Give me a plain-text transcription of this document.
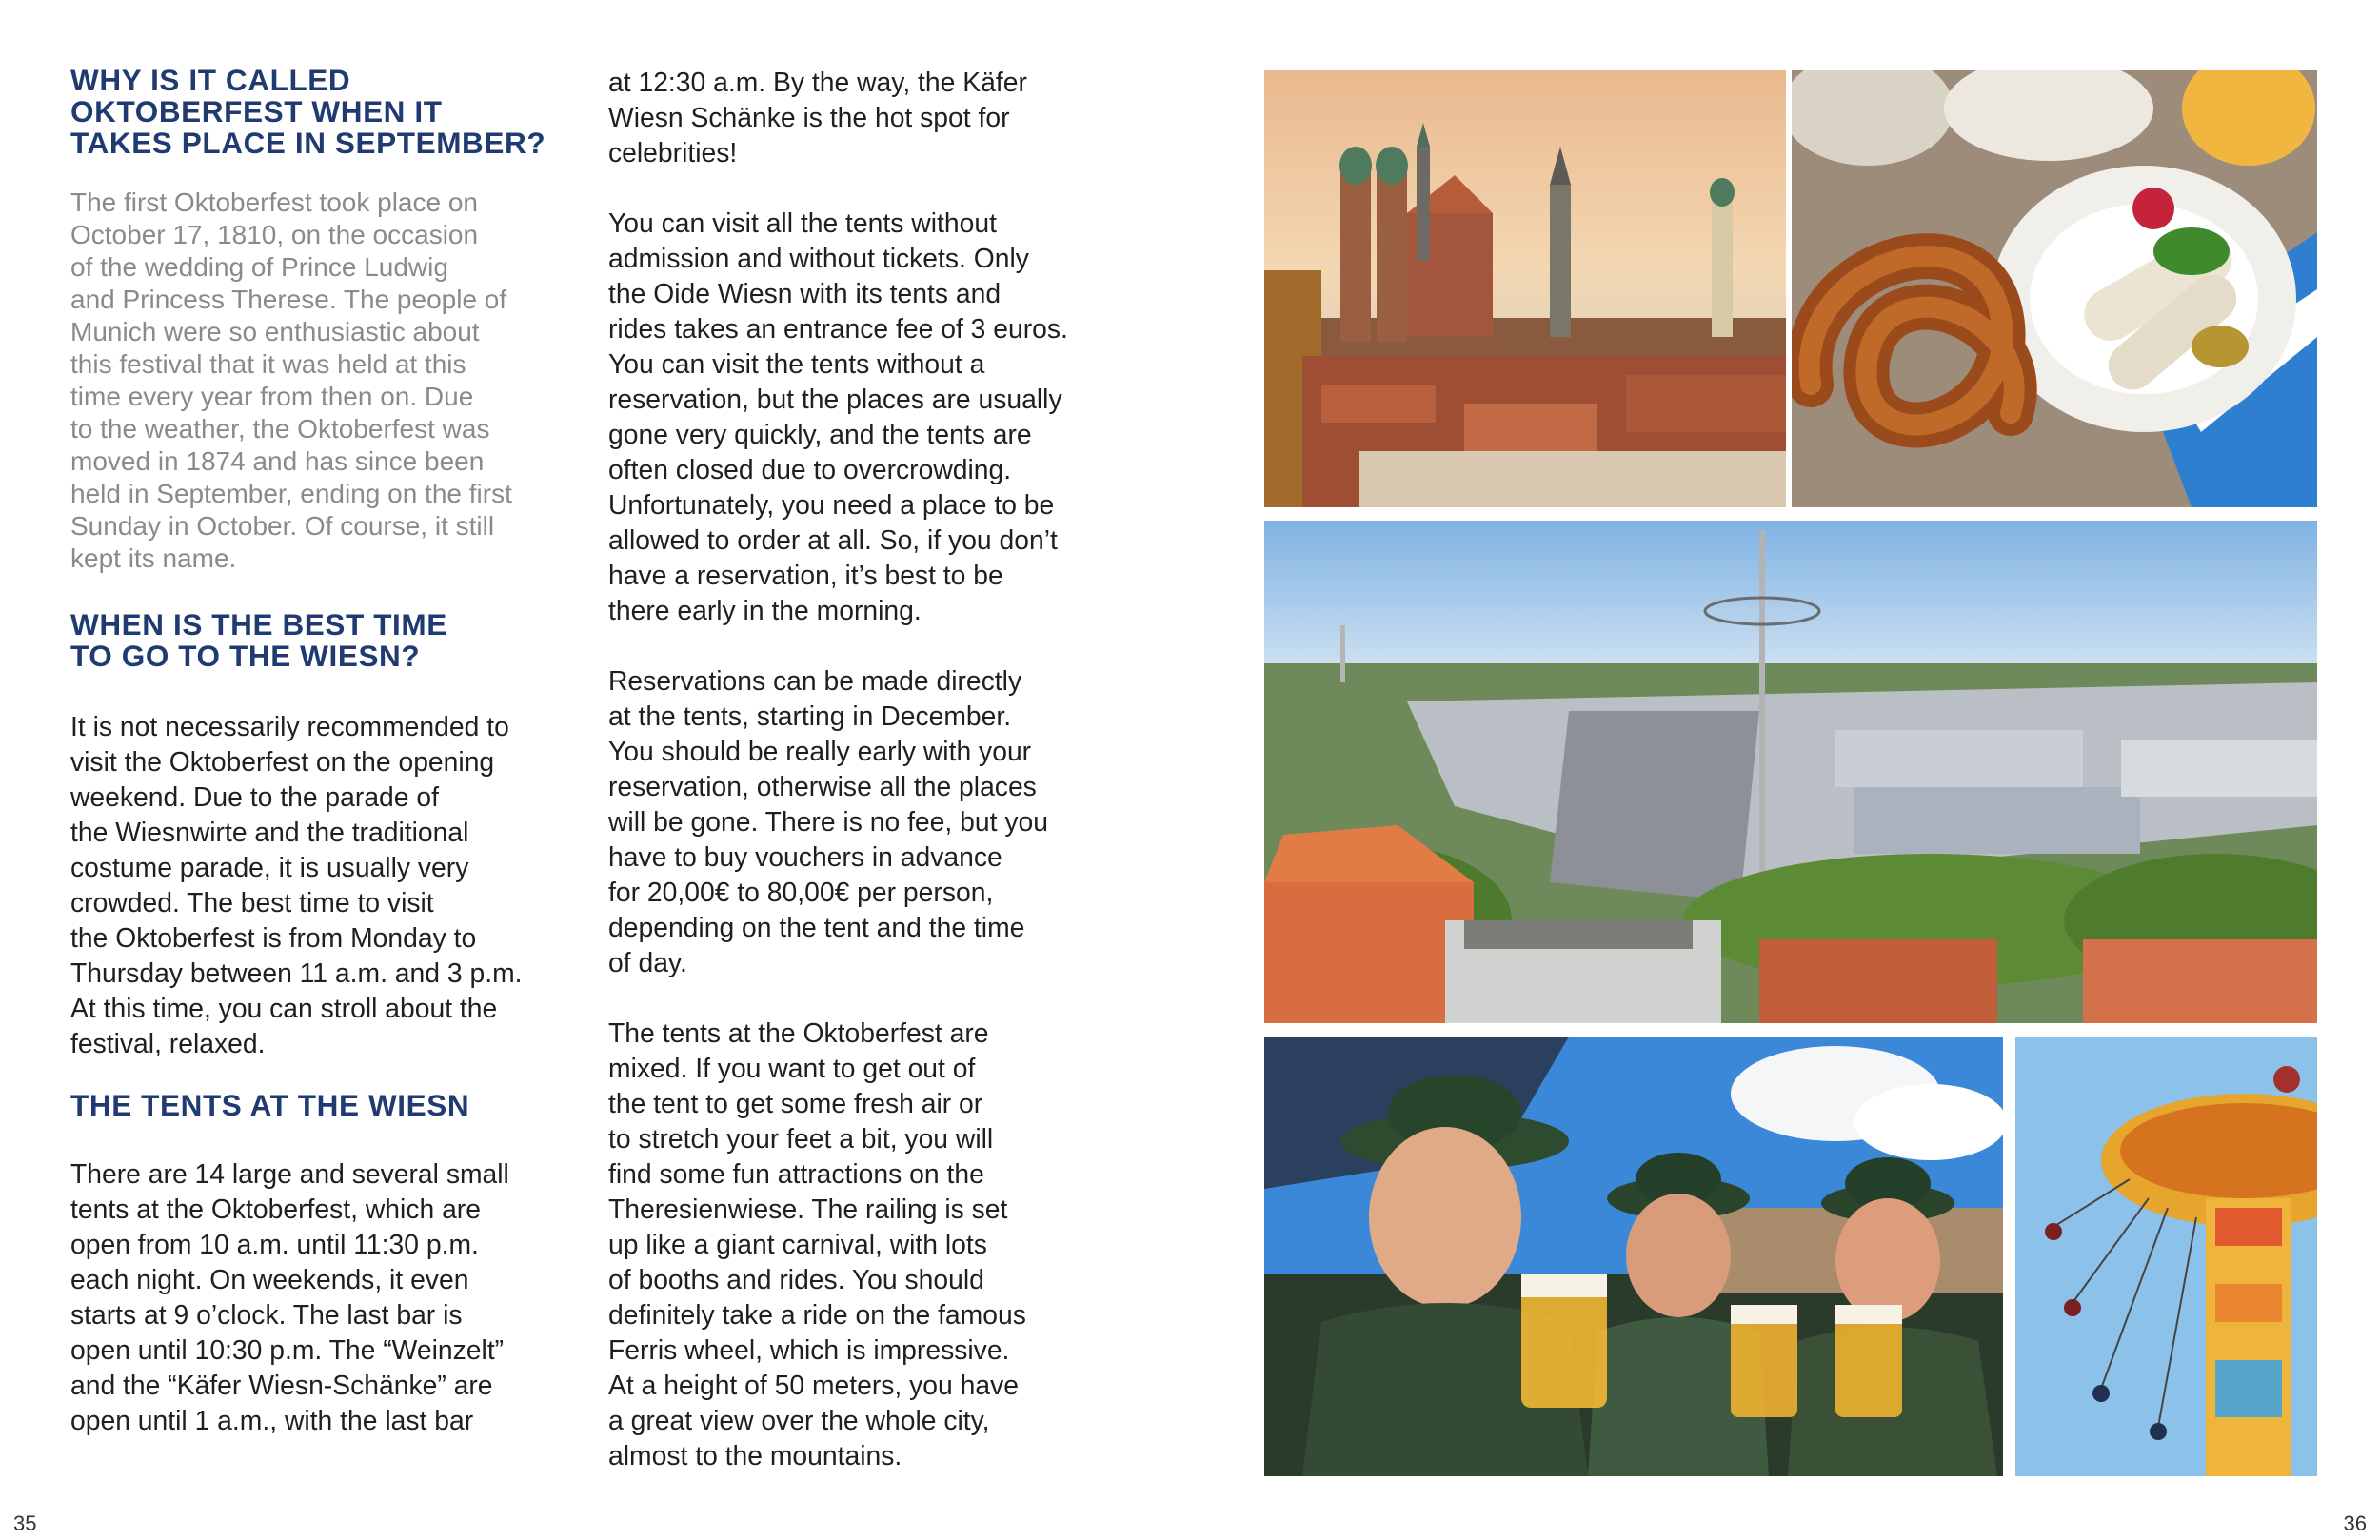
WHY IS IT CALLED
OKTOBERFEST WHEN IT
TAKES PLACE IN SEPTEMBER?
The first Oktoberfest took place on
October 17, 1810, on the occasion
of the wedding of Prince Ludwig
and Princess Therese. The people of
Munich were so enthusiastic about
this festival that it was held at this
time every year from then on. Due
to the weather, the Oktoberfest was
moved in 1874 and has since been
held in September, ending on the first
Sunday in October. Of course, it still
kept its name.
WHEN IS THE BEST TIME
TO GO TO THE WIESN?
It is not necessarily recommended to
visit the Oktoberfest on the opening
weekend. Due to the parade of
the Wiesnwirte and the traditional
costume parade, it is usually very
crowded. The best time to visit
the Oktoberfest is from Monday to
Thursday between 11 a.m. and 3 p.m.
At this time, you can stroll about the
festival, relaxed.
THE TENTS AT THE WIESN
There are 14 large and several small
tents at the Oktoberfest, which are
open from 10 a.m. until 11:30 p.m.
each night. On weekends, it even
starts at 9 o’clock. The last bar is
open until 10:30 p.m. The “Weinzelt”
and the “Käfer Wiesn-Schänke” are
open until 1 a.m., with the last bar
at 12:30 a.m. By the way, the Käfer
Wiesn Schänke is the hot spot for
celebrities!
You can visit all the tents without
admission and without tickets. Only
the Oide Wiesn with its tents and
rides takes an entrance fee of 3 euros.
You can visit the tents without a
reservation, but the places are usually
gone very quickly, and the tents are
often closed due to overcrowding.
Unfortunately, you need a place to be
allowed to order at all. So, if you don’t
have a reservation, it’s best to be
there early in the morning.
Reservations can be made directly
at the tents, starting in December.
You should be really early with your
reservation, otherwise all the places
will be gone. There is no fee, but you
have to buy vouchers in advance
for 20,00€ to 80,00€ per person,
depending on the tent and the time
of day.
The tents at the Oktoberfest are
mixed. If you want to get out of
the tent to get some fresh air or
to stretch your feet a bit, you will
find some fun attractions on the
Theresienwiese. The railing is set
up like a giant carnival, with lots
of booths and rides. You should
definitely take a ride on the famous
Ferris wheel, which is impressive.
At a height of 50 meters, you have
a great view over the whole city,
almost to the mountains.
35	36
